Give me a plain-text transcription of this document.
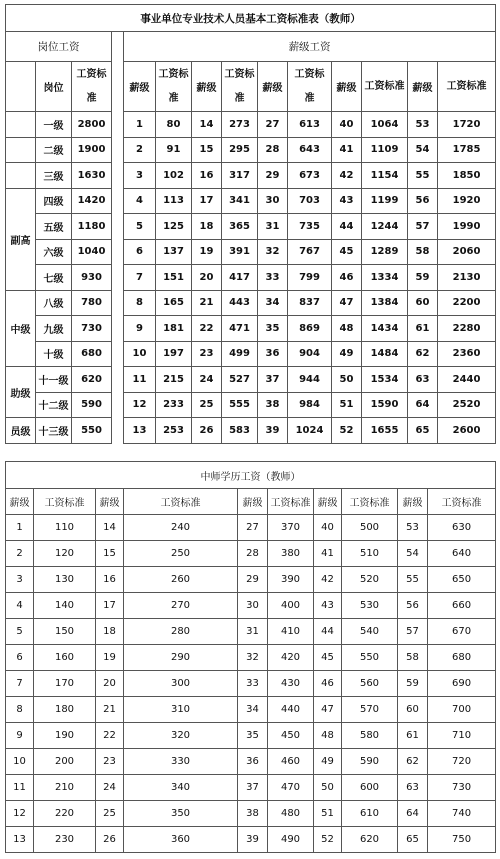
事业单位专业技术人员基本工资标准表（教师）													
岗位工资				薪级工资									
	岗位	工资标准		薪级	工资标准	薪级	工资标准	薪级	工资标准	薪级	工资标准	薪级	工资标准
	一级	2800		1	80	14	273	27	613	40	1064	53	1720
	二级	1900		2	91	15	295	28	643	41	1109	54	1785
	三级	1630		3	102	16	317	29	673	42	1154	55	1850
副高	四级	1420		4	113	17	341	30	703	43	1199	56	1920
	五级	1180		5	125	18	365	31	735	44	1244	57	1990
	六级	1040		6	137	19	391	32	767	45	1289	58	2060
	七级	930		7	151	20	417	33	799	46	1334	59	2130
中级	八级	780		8	165	21	443	34	837	47	1384	60	2200
	九级	730		9	181	22	471	35	869	48	1434	61	2280
	十级	680		10	197	23	499	36	904	49	1484	62	2360
助级	十一级	620		11	215	24	527	37	944	50	1534	63	2440
	十二级	590		12	233	25	555	38	984	51	1590	64	2520
员级	十三级	550		13	253	26	583	39	1024	52	1655	65	2600
中师学历工资（教师）									
薪级	工资标准	薪级	工资标准	薪级	工资标准	薪级	工资标准	薪级	工资标准
1	110	14	240	27	370	40	500	53	630
2	120	15	250	28	380	41	510	54	640
3	130	16	260	29	390	42	520	55	650
4	140	17	270	30	400	43	530	56	660
5	150	18	280	31	410	44	540	57	670
6	160	19	290	32	420	45	550	58	680
7	170	20	300	33	430	46	560	59	690
8	180	21	310	34	440	47	570	60	700
9	190	22	320	35	450	48	580	61	710
10	200	23	330	36	460	49	590	62	720
11	210	24	340	37	470	50	600	63	730
12	220	25	350	38	480	51	610	64	740
13	230	26	360	39	490	52	620	65	750
